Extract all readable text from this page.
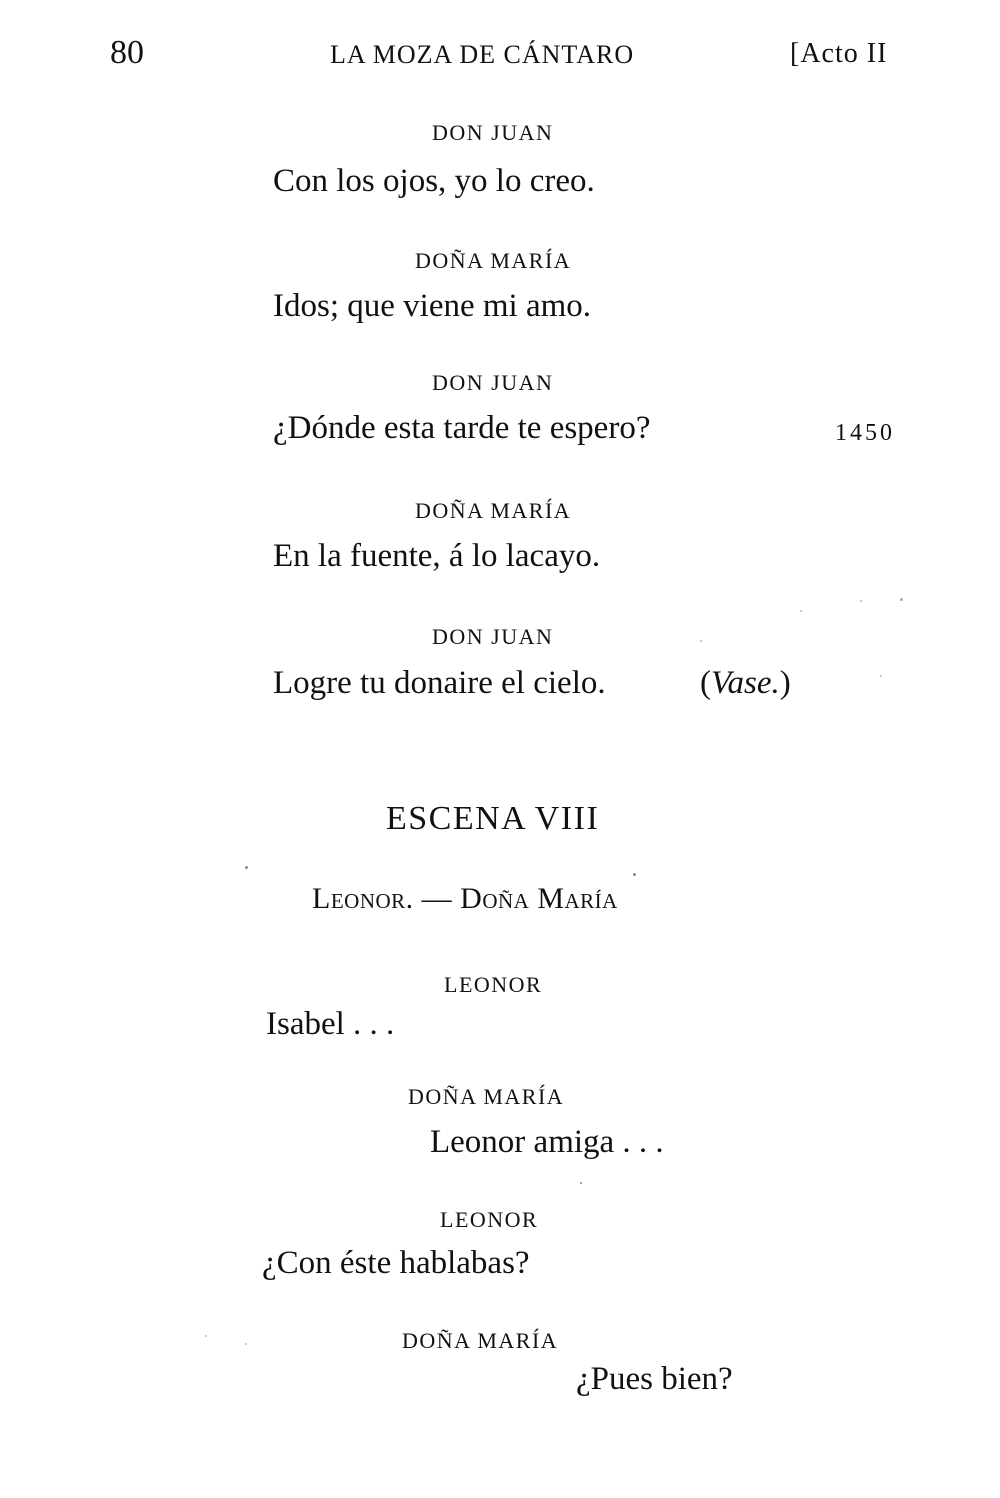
80	LA MOZA DE CÁNTARO	[Acto II
DON JUAN
Con los ojos, yo lo creo.
DOÑA MARÍA
Idos; que viene mi amo.
DON JUAN
¿Dónde esta tarde te espero?	1450
DOÑA MARÍA
En la fuente, á lo lacayo.
DON JUAN
Logre tu donaire el cielo.	(Vase.)
ESCENA VIII
Leonor. — Doña María
LEONOR
Isabel . . .
DOÑA MARÍA
Leonor amiga . . .
LEONOR
¿Con éste hablabas?
DOÑA MARÍA
¿Pues bien?
